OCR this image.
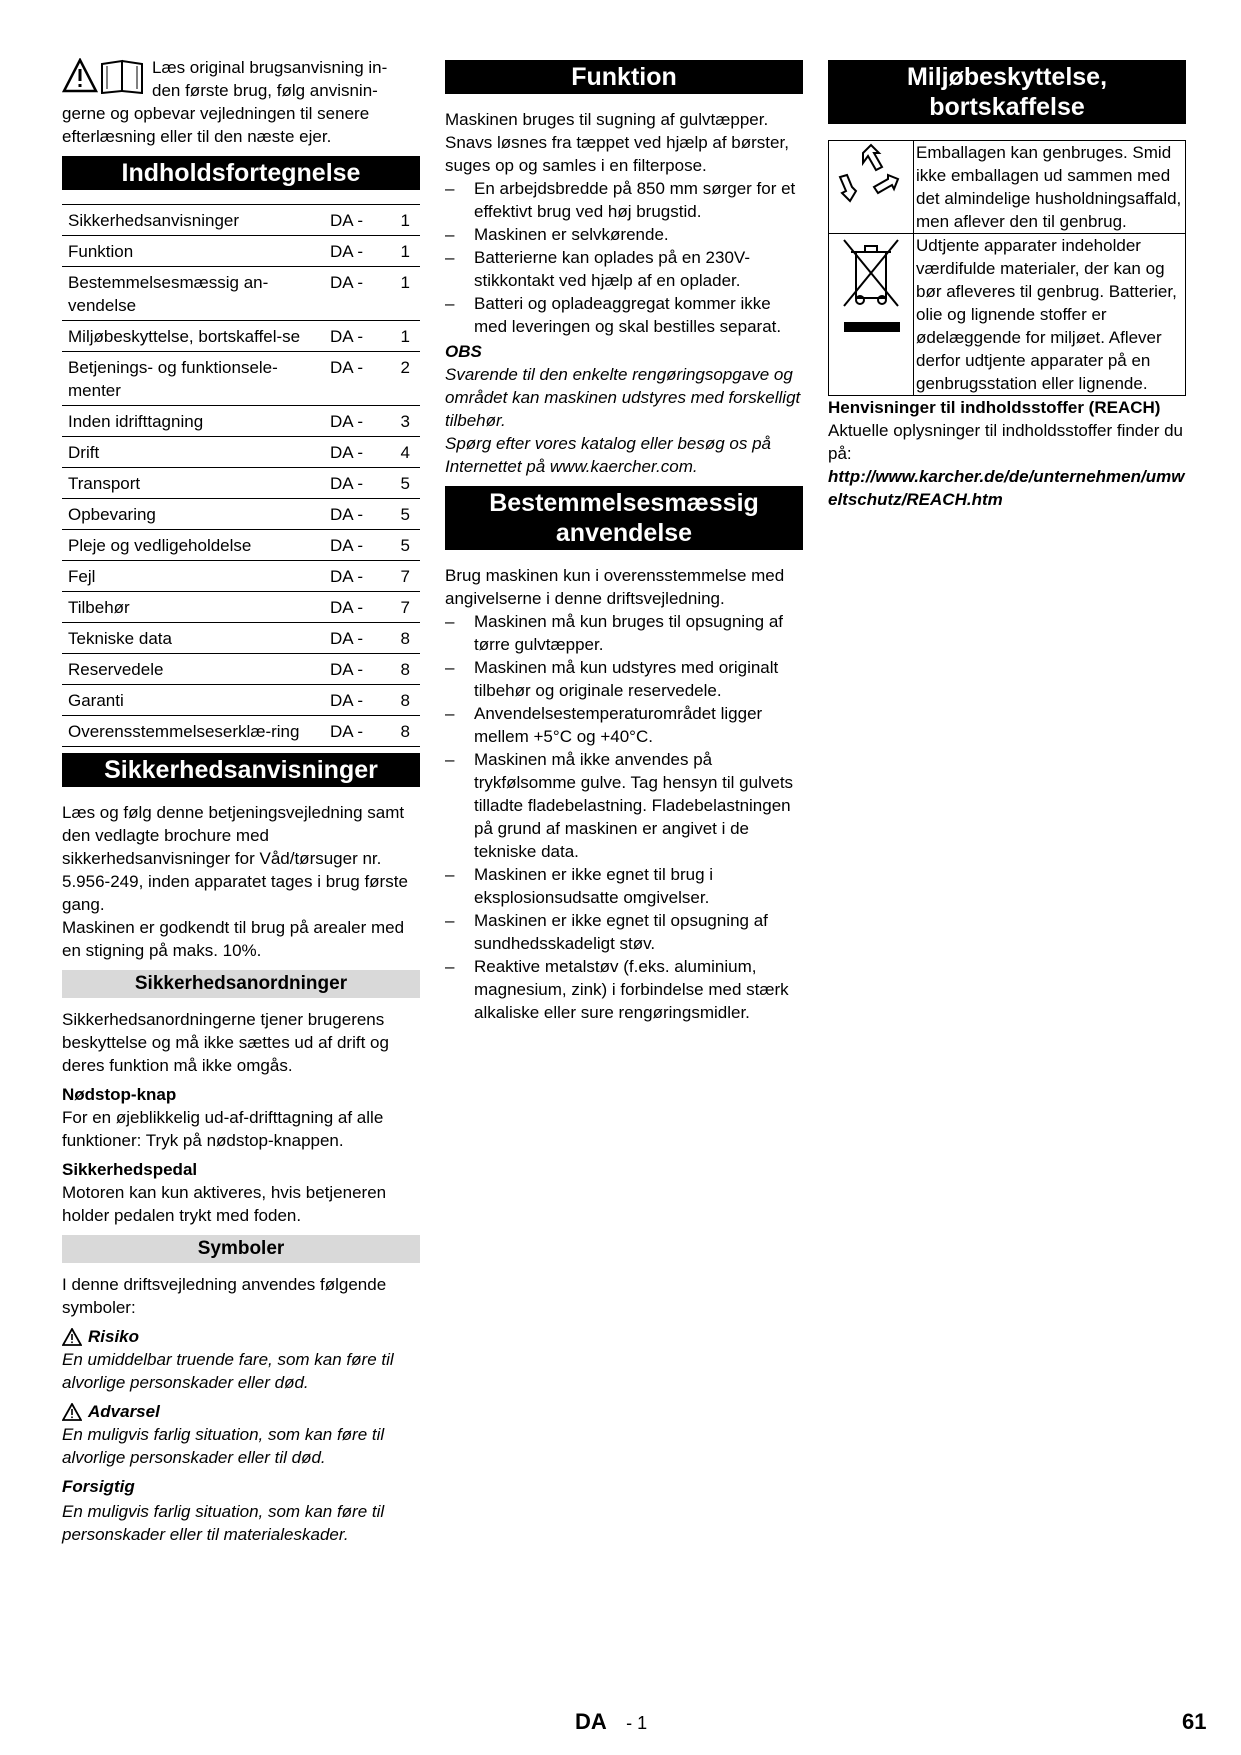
Læs original brugsanvisning in-

den første brug, følg anvisnin-

gerne og opbevar vejledningen til senere efterlæsning eller til den næste ejer.

Indholdsfortegnelse
Sikkerhedsanvisninger	DA -	1
Funktion	DA -	1
Bestemmelsesmæssig an-vendelse	DA -	1
Miljøbeskyttelse, bortskaffel-se	DA -	1
Betjenings- og funktionsele-menter	DA -	2
Inden idrifttagning	DA -	3
Drift	DA -	4
Transport	DA -	5
Opbevaring	DA -	5
Pleje og vedligeholdelse	DA -	5
Fejl	DA -	7
Tilbehør	DA -	7
Tekniske data	DA -	8
Reservedele	DA -	8
Garanti	DA -	8
Overensstemmelseserklæ-ring	DA -	8
Sikkerhedsanvisninger

Læs og følg denne betjeningsvejledning samt den vedlagte brochure med sikkerhedsanvisninger for Våd/tørsuger nr. 5.956-249, inden apparatet tages i brug første gang.

Maskinen er godkendt til brug på arealer med en stigning på maks. 10%.

Sikkerhedsanordninger

Sikkerhedsanordningerne tjener brugerens beskyttelse og må ikke sættes ud af drift og deres funktion må ikke omgås.

Nødstop-knap

For en øjeblikkelig ud-af-drifttagning af alle funktioner: Tryk på nødstop-knappen.

Sikkerhedspedal

Motoren kan kun aktiveres, hvis betjeneren holder pedalen trykt med foden.

Symboler

I denne driftsvejledning anvendes følgende symboler:

Risiko

En umiddelbar truende fare, som kan føre til alvorlige personskader eller død.

Advarsel

En muligvis farlig situation, som kan føre til alvorlige personskader eller til død.

Forsigtig

En muligvis farlig situation, som kan føre til personskader eller til materialeskader.

Funktion

Maskinen bruges til sugning af gulvtæpper. Snavs løsnes fra tæppet ved hjælp af børster, suges op og samles i en filterpose.

– En arbejdsbredde på 850 mm sørger for et effektivt brug ved høj brugstid.

– Maskinen er selvkørende.

– Batterierne kan oplades på en 230V-stikkontakt ved hjælp af en oplader.

– Batteri og opladeaggregat kommer ikke med leveringen og skal bestilles separat.

OBS

Svarende til den enkelte rengøringsopgave og området kan maskinen udstyres med forskelligt tilbehør.

Spørg efter vores katalog eller besøg os på Internettet på www.kaercher.com.

Bestemmelsesmæssig anvendelse

Brug maskinen kun i overensstemmelse med angivelserne i denne driftsvejledning.

– Maskinen må kun bruges til opsugning af tørre gulvtæpper.

– Maskinen må kun udstyres med originalt tilbehør og originale reservedele.

– Anvendelsestemperaturområdet ligger mellem +5°C og +40°C.

– Maskinen må ikke anvendes på trykfølsomme gulve. Tag hensyn til gulvets tilladte fladebelastning. Fladebelastningen på grund af maskinen er angivet i de tekniske data.

– Maskinen er ikke egnet til brug i eksplosionsudsatte omgivelser.

– Maskinen er ikke egnet til opsugning af sundhedsskadeligt støv.

– Reaktive metalstøv (f.eks. aluminium, magnesium, zink) i forbindelse med stærk alkaliske eller sure rengøringsmidler.

Miljøbeskyttelse, bortskaffelse
	Emballagen kan genbruges. Smid ikke emballagen ud sammen med det almindelige husholdningsaffald, men aflever den til genbrug.
	Udtjente apparater indeholder værdifulde materialer, der kan og bør afleveres til genbrug. Batterier, olie og lignende stoffer er ødelæggende for miljøet. Aflever derfor udtjente apparater på en genbrugsstation eller lignende.

Henvisninger til indholdsstoffer (REACH)

Aktuelle oplysninger til indholdsstoffer finder du på:

http://www.karcher.de/de/unternehmen/umweltschutz/REACH.htm

DA - 1	61
